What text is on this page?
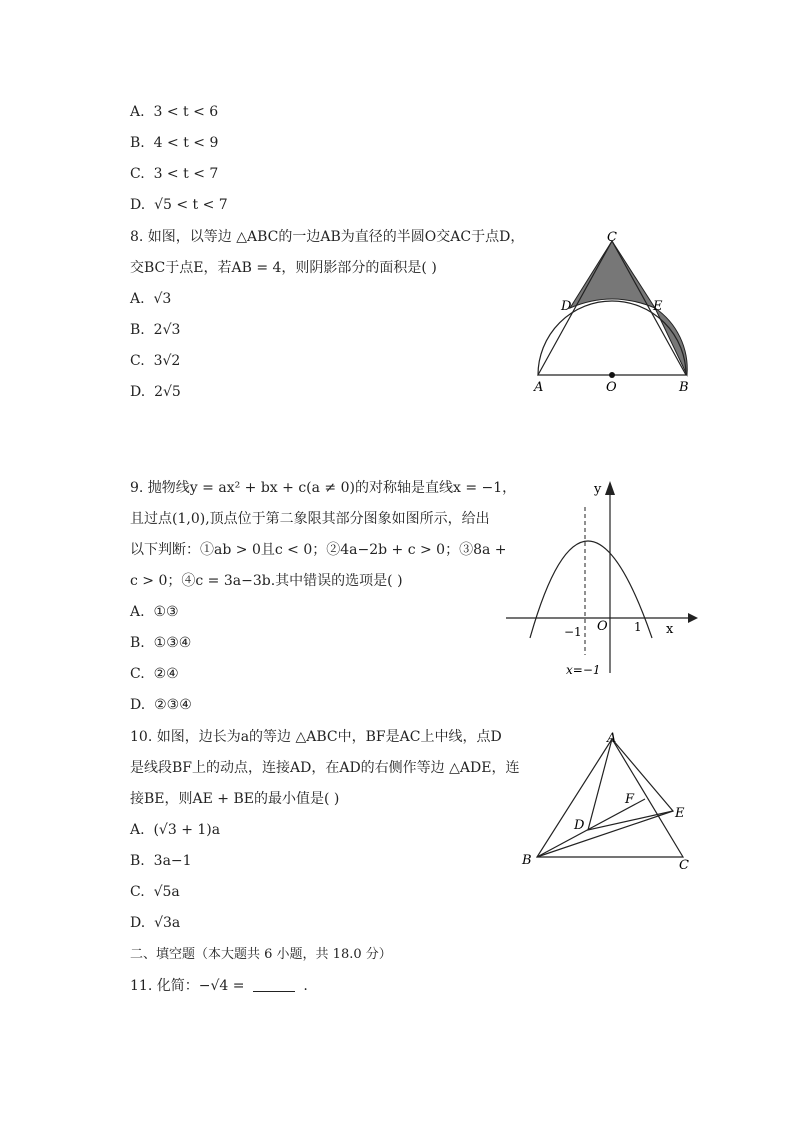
A. 3 < t < 6
B. 4 < t < 9
C. 3 < t < 7
D. √5 < t < 7
8. 如图，以等边 △ABC的一边AB为直径的半圆O交AC于点D，
交BC于点E，若AB = 4，则阴影部分的面积是( )
A. √3
B. 2√3
C. 3√2
D. 2√5
C
D	E
A	O	B
9. 抛物线y = ax² + bx + c(a ≠ 0)的对称轴是直线x = −1，
且过点(1,0),顶点位于第二象限其部分图象如图所示，给出
以下判断：①ab > 0且c < 0；②4a−2b + c > 0；③8a +
c > 0；④c = 3a−3b.其中错误的选项是( )
A. ①③
B. ①③④
C. ②④
D. ②③④
y
x
O
−1	1
x=−1
10. 如图，边长为a的等边 △ABC中，BF是AC上中线，点D
是线段BF上的动点，连接AD，在AD的右侧作等边 △ADE，连
接BE，则AE + BE的最小值是( )
A. (√3 + 1)a
B. 3a−1
C. √5a
D. √3a
A
F
E
D
B	C
二、填空题（本大题共 6 小题，共 18.0 分）
11. 化简：−√4 =	.
